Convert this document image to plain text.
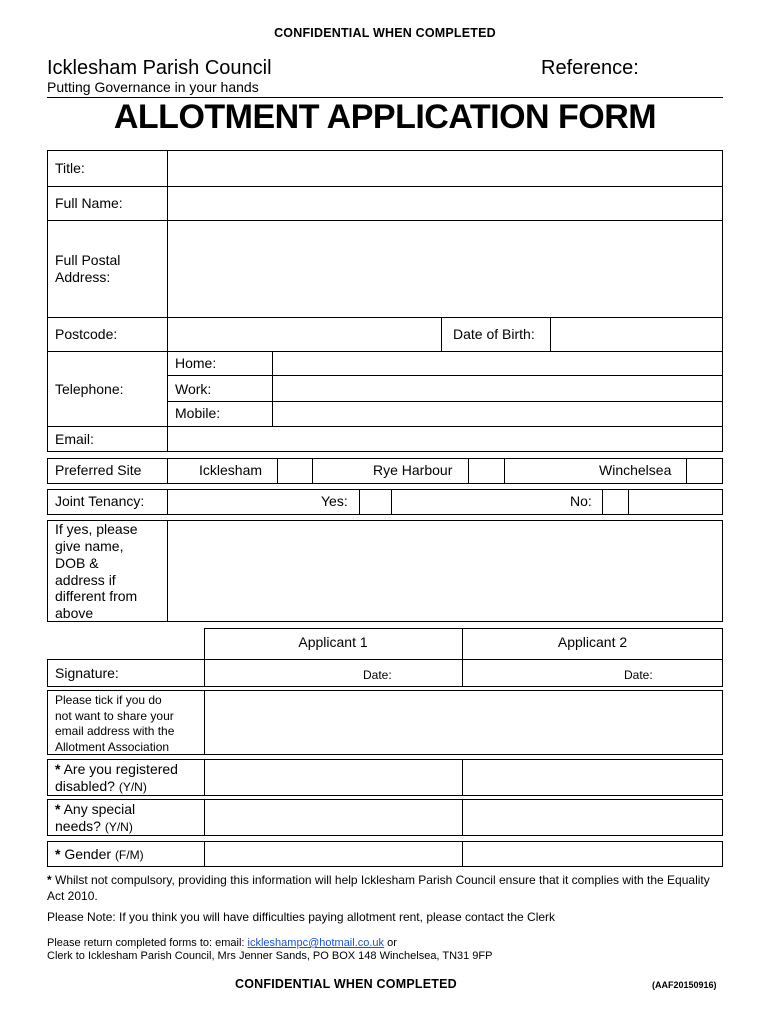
CONFIDENTIAL WHEN COMPLETED
Icklesham Parish Council	Reference:
Putting Governance in your hands
ALLOTMENT APPLICATION FORM
Title:
Full Name:
Full Postal
Address:
Postcode:	Date of Birth:
Telephone:
Home:
Work:
Mobile:
Email:
Preferred Site	Icklesham	Rye Harbour	Winchelsea
Joint Tenancy:	Yes:	No:
If yes, please
give name,
DOB &
address if
different from
above
Applicant 1	Applicant 2
Signature:	Date:	Date:
Please tick if you do
not want to share your
email address with the
Allotment Association
* Are you registered
disabled? (Y/N)
* Any special
needs? (Y/N)
* Gender (F/M)
* Whilst not compulsory, providing this information will help Icklesham Parish Council ensure that it complies with the Equality Act 2010.
Please Note: If you think you will have difficulties paying allotment rent, please contact the Clerk
Please return completed forms to: email: ickleshampc@hotmail.co.uk or
Clerk to Icklesham Parish Council, Mrs Jenner Sands, PO BOX 148 Winchelsea, TN31 9FP
CONFIDENTIAL WHEN COMPLETED	(AAF20150916)
